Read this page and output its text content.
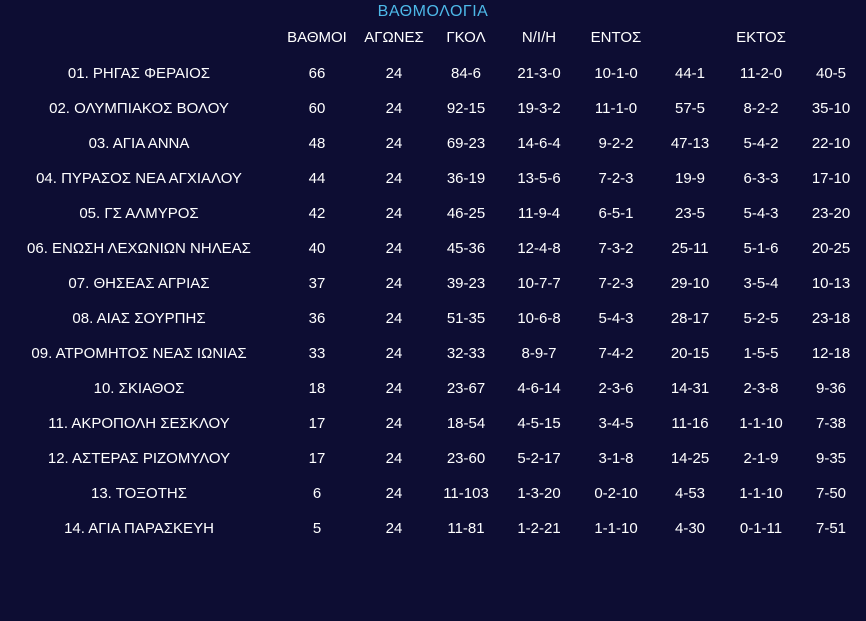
ΒΑΘΜΟΛΟΓΙΑ
	ΒΑΘΜΟΙ	ΑΓΩΝΕΣ	ΓΚΟΛ	Ν/Ι/Η	ΕΝΤΟΣ		ΕΚΤΟΣ	
01. ΡΗΓΑΣ ΦΕΡΑΙΟΣ	66	24	84-6	21-3-0	10-1-0	44-1	11-2-0	40-5
02. ΟΛΥΜΠΙΑΚΟΣ ΒΟΛΟΥ	60	24	92-15	19-3-2	11-1-0	57-5	8-2-2	35-10
03. ΑΓΙΑ ΑΝΝΑ	48	24	69-23	14-6-4	9-2-2	47-13	5-4-2	22-10
04. ΠΥΡΑΣΟΣ ΝΕΑ ΑΓΧΙΑΛΟΥ	44	24	36-19	13-5-6	7-2-3	19-9	6-3-3	17-10
05. ΓΣ ΑΛΜΥΡΟΣ	42	24	46-25	11-9-4	6-5-1	23-5	5-4-3	23-20
06. ΕΝΩΣΗ ΛΕΧΩΝΙΩΝ ΝΗΛΕΑΣ	40	24	45-36	12-4-8	7-3-2	25-11	5-1-6	20-25
07. ΘΗΣΕΑΣ ΑΓΡΙΑΣ	37	24	39-23	10-7-7	7-2-3	29-10	3-5-4	10-13
08. ΑΙΑΣ ΣΟΥΡΠΗΣ	36	24	51-35	10-6-8	5-4-3	28-17	5-2-5	23-18
09. ΑΤΡΟΜΗΤΟΣ ΝΕΑΣ ΙΩΝΙΑΣ	33	24	32-33	8-9-7	7-4-2	20-15	1-5-5	12-18
10. ΣΚΙΑΘΟΣ	18	24	23-67	4-6-14	2-3-6	14-31	2-3-8	9-36
11. ΑΚΡΟΠΟΛΗ ΣΕΣΚΛΟΥ	17	24	18-54	4-5-15	3-4-5	11-16	1-1-10	7-38
12. ΑΣΤΕΡΑΣ ΡΙΖΟΜΥΛΟΥ	17	24	23-60	5-2-17	3-1-8	14-25	2-1-9	9-35
13. ΤΟΞΟΤΗΣ	6	24	11-103	1-3-20	0-2-10	4-53	1-1-10	7-50
14. ΑΓΙΑ ΠΑΡΑΣΚΕΥΗ	5	24	11-81	1-2-21	1-1-10	4-30	0-1-11	7-51
